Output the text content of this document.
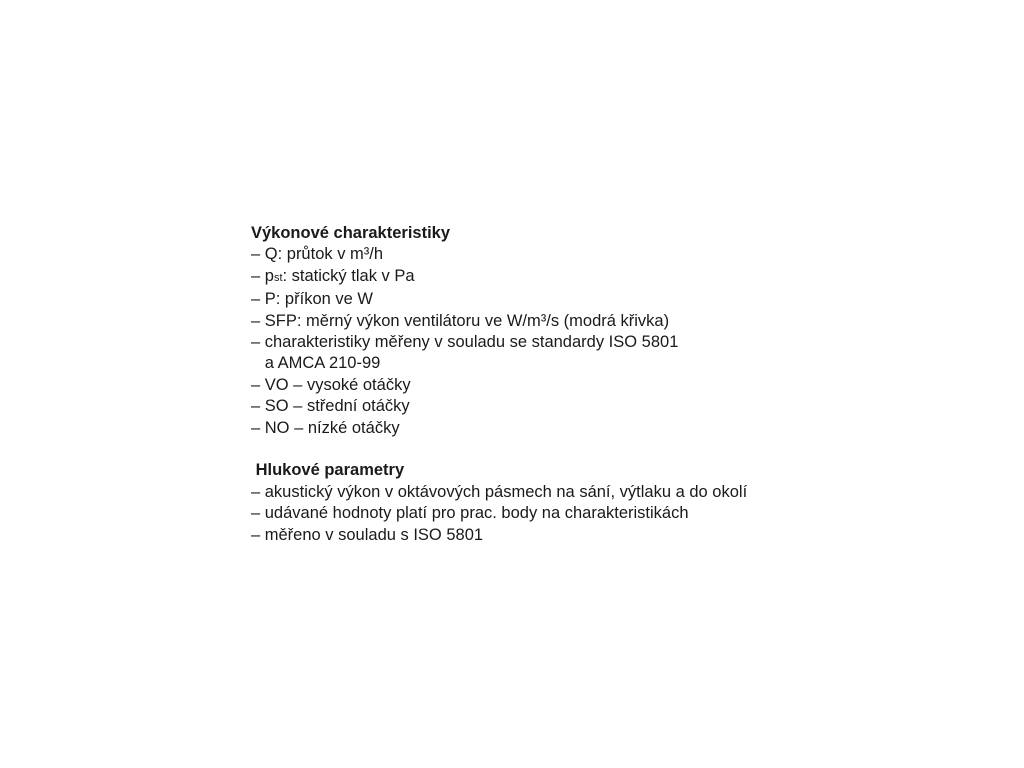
Výkonové charakteristiky
– Q: průtok v m³/h
– pst: statický tlak v Pa
– P: příkon ve W
– SFP: měrný výkon ventilátoru ve W/m³/s (modrá křivka)
– charakteristiky měřeny v souladu se standardy ISO 5801
a AMCA 210-99
– VO – vysoké otáčky
– SO – střední otáčky
– NO – nízké otáčky
Hlukové parametry
– akustický výkon v oktávových pásmech na sání, výtlaku a do okolí
– udávané hodnoty platí pro prac. body na charakteristikách
– měřeno v souladu s ISO 5801
